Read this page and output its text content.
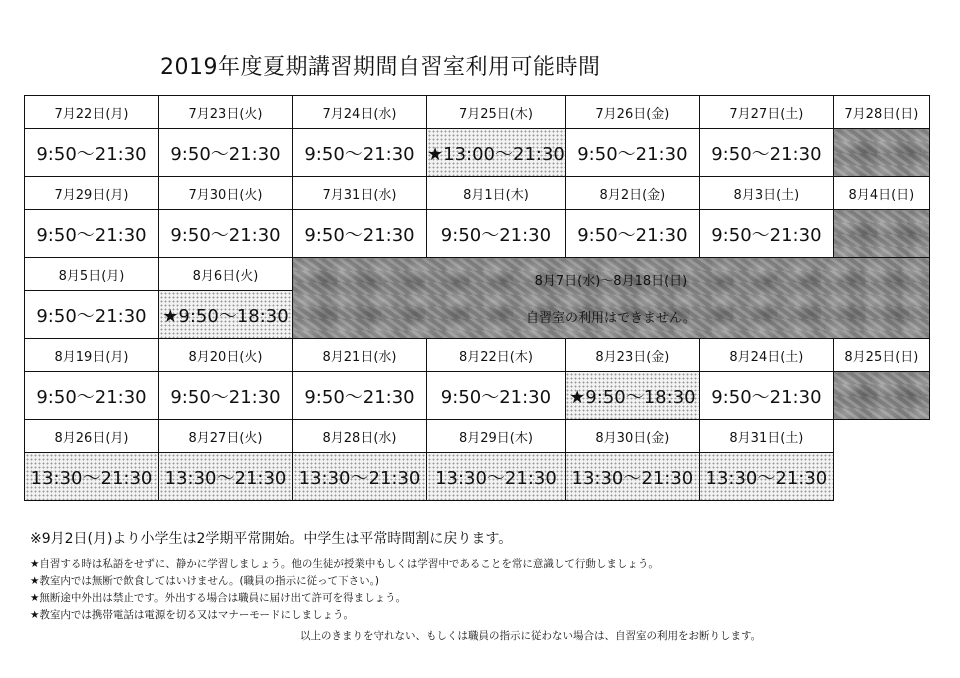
2019年度夏期講習期間自習室利用可能時間
7月22日(月)	7月23日(火)	7月24日(水)	7月25日(木)	7月26日(金)	7月27日(土)	7月28日(日)
9:50〜21:30	9:50〜21:30	9:50〜21:30	★13:00〜21:30	9:50〜21:30	9:50〜21:30	
7月29日(月)	7月30日(火)	7月31日(水)	8月1日(木)	8月2日(金)	8月3日(土)	8月4日(日)
9:50〜21:30	9:50〜21:30	9:50〜21:30	9:50〜21:30	9:50〜21:30	9:50〜21:30	
8月5日(月)	8月6日(火)	8月7日(水)〜8月18日(日)
自習室の利用はできません。				

9:50〜21:30	★9:50〜18:30					
8月19日(月)	8月20日(火)	8月21日(水)	8月22日(木)	8月23日(金)	8月24日(土)	8月25日(日)
9:50〜21:30	9:50〜21:30	9:50〜21:30	9:50〜21:30	★9:50〜18:30	9:50〜21:30	
8月26日(月)	8月27日(火)	8月28日(水)	8月29日(木)	8月30日(金)	8月31日(土)	
13:30〜21:30	13:30〜21:30	13:30〜21:30	13:30〜21:30	13:30〜21:30	13:30〜21:30	
※9月2日(月)より小学生は2学期平常開始。中学生は平常時間割に戻ります。
★自習する時は私語をせずに、静かに学習しましょう。他の生徒が授業中もしくは学習中であることを常に意識して行動しましょう。
★教室内では無断で飲食してはいけません。(職員の指示に従って下さい。)
★無断途中外出は禁止です。外出する場合は職員に届け出て許可を得ましょう。
★教室内では携帯電話は電源を切る又はマナーモードにしましょう。
以上のきまりを守れない、もしくは職員の指示に従わない場合は、自習室の利用をお断りします。
